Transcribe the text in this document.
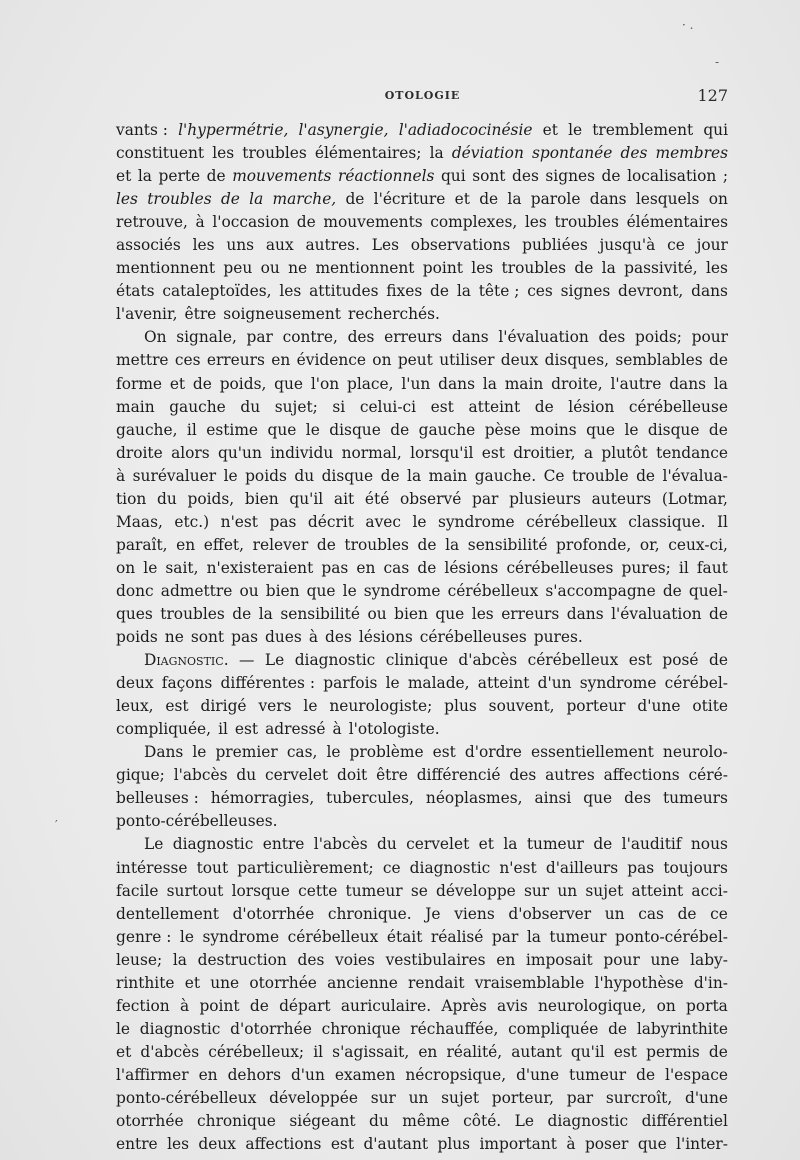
OTOLOGIE	127
· .
-
′
vants : l'hypermétrie, l'asynergie, l'adiadococinésie et le tremblement qui
constituent les troubles élémentaires; la déviation spontanée des membres
et la perte de mouvements réactionnels qui sont des signes de localisation ;
les troubles de la marche, de l'écriture et de la parole dans lesquels on
retrouve, à l'occasion de mouvements complexes, les troubles élémentaires
associés les uns aux autres. Les observations publiées jusqu'à ce jour
mentionnent peu ou ne mentionnent point les troubles de la passivité, les
états cataleptoïdes, les attitudes fixes de la tête ; ces signes devront, dans
l'avenir, être soigneusement recherchés.
On signale, par contre, des erreurs dans l'évaluation des poids; pour
mettre ces erreurs en évidence on peut utiliser deux disques, semblables de
forme et de poids, que l'on place, l'un dans la main droite, l'autre dans la
main gauche du sujet; si celui-ci est atteint de lésion cérébelleuse
gauche, il estime que le disque de gauche pèse moins que le disque de
droite alors qu'un individu normal, lorsqu'il est droitier, a plutôt tendance
à surévaluer le poids du disque de la main gauche. Ce trouble de l'évalua-
tion du poids, bien qu'il ait été observé par plusieurs auteurs (Lotmar,
Maas, etc.) n'est pas décrit avec le syndrome cérébelleux classique. Il
paraît, en effet, relever de troubles de la sensibilité profonde, or, ceux-ci,
on le sait, n'existeraient pas en cas de lésions cérébelleuses pures; il faut
donc admettre ou bien que le syndrome cérébelleux s'accompagne de quel-
ques troubles de la sensibilité ou bien que les erreurs dans l'évaluation de
poids ne sont pas dues à des lésions cérébelleuses pures.
Diagnostic. — Le diagnostic clinique d'abcès cérébelleux est posé de
deux façons différentes : parfois le malade, atteint d'un syndrome cérébel-
leux, est dirigé vers le neurologiste; plus souvent, porteur d'une otite
compliquée, il est adressé à l'otologiste.
Dans le premier cas, le problème est d'ordre essentiellement neurolo-
gique; l'abcès du cervelet doit être différencié des autres affections céré-
belleuses : hémorragies, tubercules, néoplasmes, ainsi que des tumeurs
ponto-cérébelleuses.
Le diagnostic entre l'abcès du cervelet et la tumeur de l'auditif nous
intéresse tout particulièrement; ce diagnostic n'est d'ailleurs pas toujours
facile surtout lorsque cette tumeur se développe sur un sujet atteint acci-
dentellement d'otorrhée chronique. Je viens d'observer un cas de ce
genre : le syndrome cérébelleux était réalisé par la tumeur ponto-cérébel-
leuse; la destruction des voies vestibulaires en imposait pour une laby-
rinthite et une otorrhée ancienne rendait vraisemblable l'hypothèse d'in-
fection à point de départ auriculaire. Après avis neurologique, on porta
le diagnostic d'otorrhée chronique réchauffée, compliquée de labyrinthite
et d'abcès cérébelleux; il s'agissait, en réalité, autant qu'il est permis de
l'affirmer en dehors d'un examen nécropsique, d'une tumeur de l'espace
ponto-cérébelleux développée sur un sujet porteur, par surcroît, d'une
otorrhée chronique siégeant du même côté. Le diagnostic différentiel
entre les deux affections est d'autant plus important à poser que l'inter-
